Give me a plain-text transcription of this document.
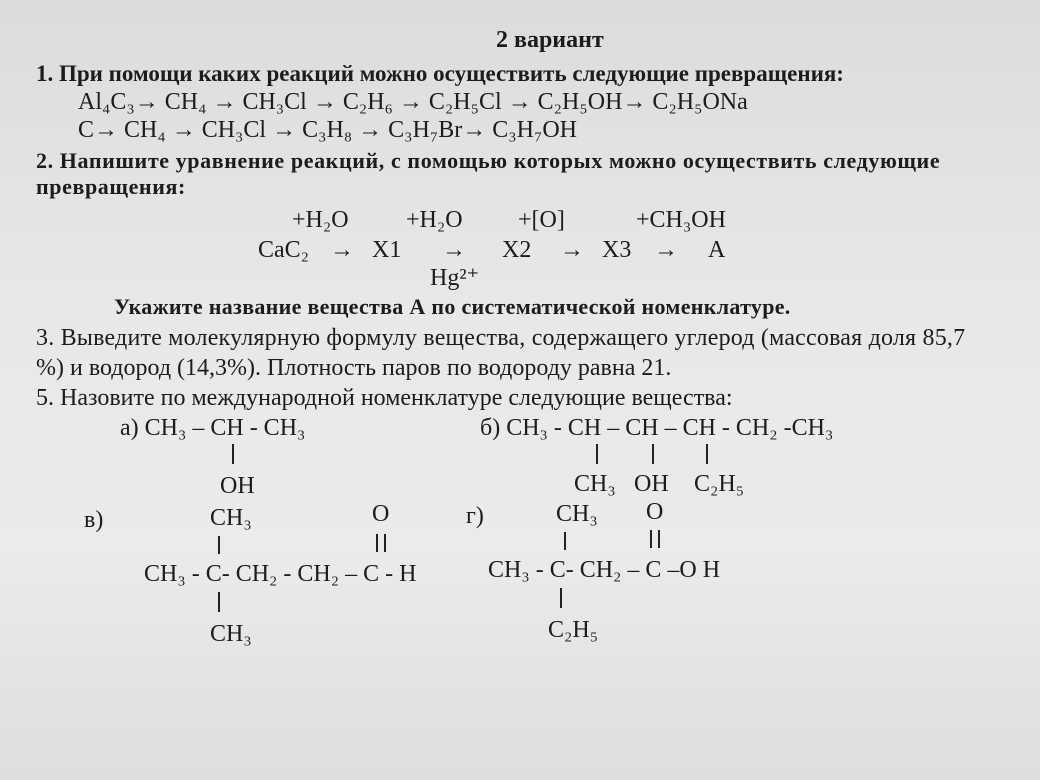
2 вариант
1. При помощи каких реакций можно осуществить следующие превращения:
Al₄C₃→ CH₄ → CH₃Cl → C₂H₆ → C₂H₅Cl → C₂H₅OH→ C₂H₅ONa
C→ CH₄ → CH₃Cl → C₃H₈ → C₃H₇Br→ C₃H₇OH
2. Напишите уравнение реакций, с помощью которых можно осуществить следующие
превращения:
+H₂O +H₂O +[O]	+CH₃OH
CaC₂ → X1 → X2 → X3 → A
Hg²⁺
Укажите название вещества А по систематической номенклатуре.
3. Выведите молекулярную формулу вещества, содержащего углерод (массовая доля 85,7
%) и водород (14,3%). Плотность паров по водороду равна 21.
5. Назовите по международной номенклатуре следующие вещества:
а) CH₃ – CH - CH₃
OH
б) CH₃ - CH – CH – CH - CH₂ -CH₃
CH₃ OH C₂H₅
в)	CH₃	O
CH₃ - C- CH₂ - CH₂ – C - H
CH₃
г)	CH₃ O
CH₃ - C- CH₂ – C –O H
C₂H₅
